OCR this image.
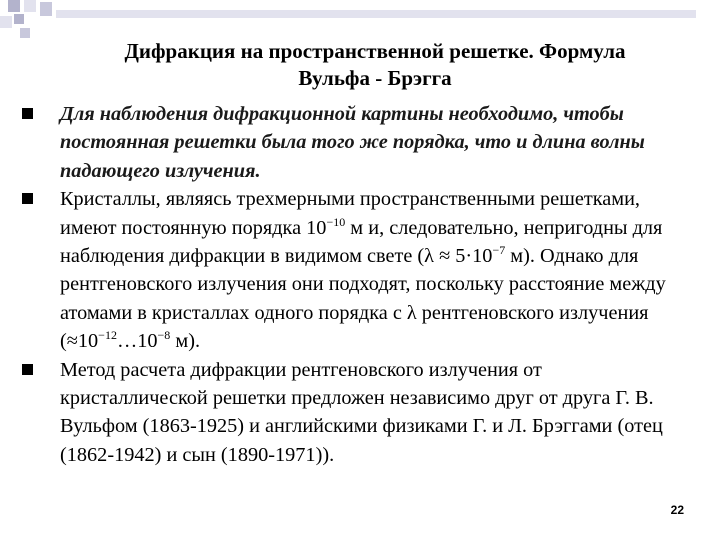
Дифракция на пространственной решетке. Формула
Вульфа - Брэгга
Для наблюдения дифракционной картины необходимо, чтобы постоянная решетки была того же порядка, что и длина волны падающего излучения.
Кристаллы, являясь трехмерными пространственными решетками, имеют постоянную порядка $10^{-10}$ м и, следовательно, непригодны для наблюдения дифракции в видимом свете ($\lambda \approx 5\cdot 10^{-7}$ м). Однако для рентгеновского излучения они подходят, поскольку расстояние между атомами в кристаллах одного порядка с λ рентгеновского излучения ($\approx 10^{-12}\dots 10^{-8}$ м).
Метод расчета дифракции рентгеновского излучения от кристаллической решетки предложен независимо друг от друга Г. В. Вульфом (1863-1925) и английскими физиками Г. и Л. Брэггами (отец (1862-1942) и сын (1890-1971)).
22
